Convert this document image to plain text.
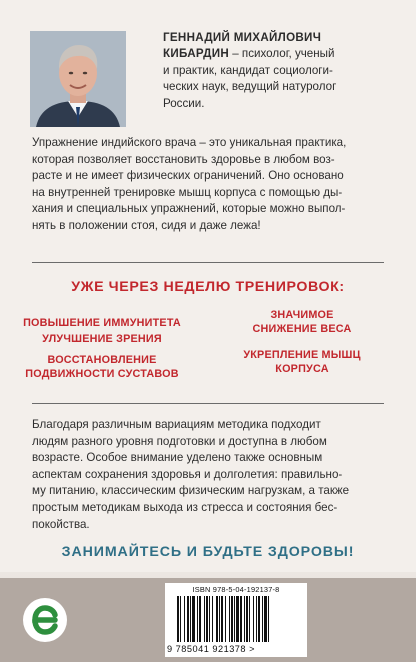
ГЕННАДИЙ МИХАЙЛОВИЧ
КИБАРДИН – психолог, ученый
и практик, кандидат социологи-
ческих наук, ведущий натуролог
России.
Упражнение индийского врача – это уникальная практика,
которая позволяет восстановить здоровье в любом воз-
расте и не имеет физических ограничений. Оно основано
на внутренней тренировке мышц корпуса с помощью ды-
хания и специальных упражнений, которые можно выпол-
нять в положении стоя, сидя и даже лежа!
УЖЕ ЧЕРЕЗ НЕДЕЛЮ ТРЕНИРОВОК:
ПОВЫШЕНИЕ ИММУНИТЕТА
УЛУЧШЕНИЕ ЗРЕНИЯ
ВОССТАНОВЛЕНИЕ
ПОДВИЖНОСТИ СУСТАВОВ
ЗНАЧИМОЕ
СНИЖЕНИЕ ВЕСА
УКРЕПЛЕНИЕ МЫШЦ
КОРПУСА
Благодаря различным вариациям методика подходит
людям разного уровня подготовки и доступна в любом
возрасте. Особое внимание уделено также основным
аспектам сохранения здоровья и долголетия: правильно-
му питанию, классическим физическим нагрузкам, а также
простым методикам выхода из стресса и состояния бес-
покойства.
ЗАНИМАЙТЕСЬ И БУДЬТЕ ЗДОРОВЫ!
ISBN 978-5-04-192137-8
9 785041 921378 >
